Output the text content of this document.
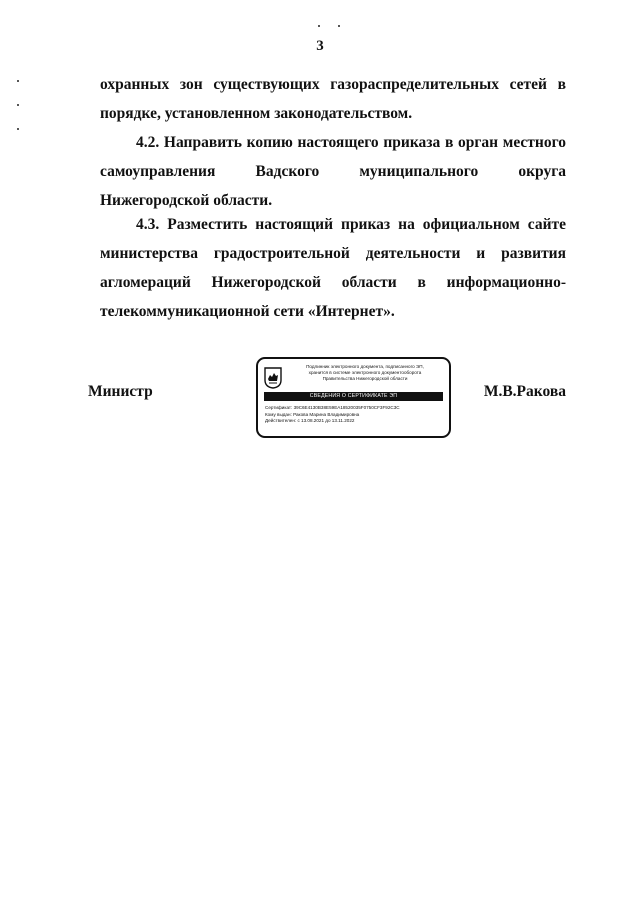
3

охранных зон существующих газораспределительных сетей в порядке, установленном законодательством.

4.2. Направить копию настоящего приказа в орган местного самоуправления Вадского муниципального округа Нижегородской области.

4.3. Разместить настоящий приказ на официальном сайте министерства градостроительной деятельности и развития агломераций Нижегородской области в информационно-телекоммуникационной сети «Интернет».

Министр
Подлинник электронного документа, подписанного ЭП,
хранится в системе электронного документооборота
Правительства Нижегородской области
СВЕДЕНИЯ О СЕРТИФИКАТЕ ЭП
Сертификат: 39C6E4130B38E59EA18520035F0750CF3F92C3C
Кому выдан: Ракова Марина Владимировна
Действителен: с 13.08.2021 до 13.11.2022
М.В.Ракова
